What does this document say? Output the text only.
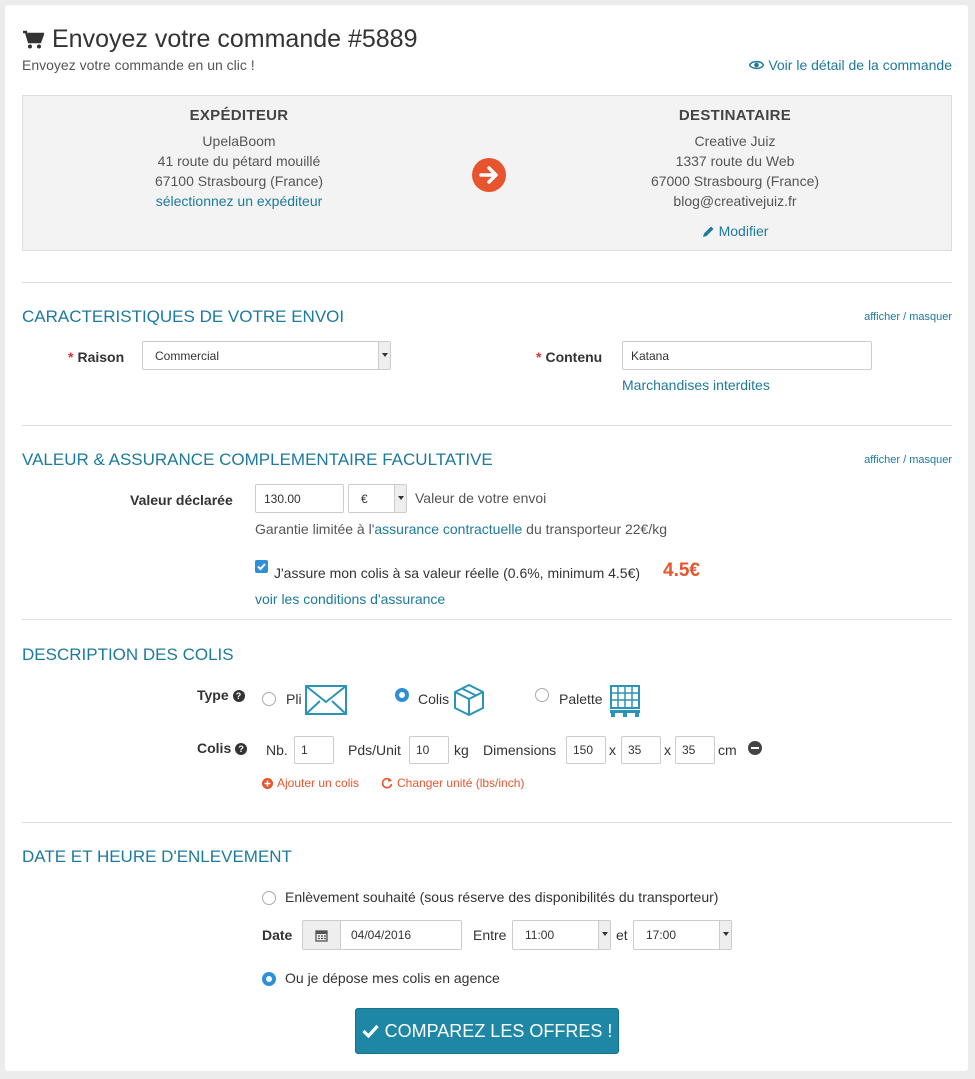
Envoyez votre commande #5889
Envoyez votre commande en un clic !	Voir le détail de la commande
EXPÉDITEUR
UpelaBoom
41 route du pétard mouillé
67100 Strasbourg (France)
sélectionnez un expéditeur
DESTINATAIRE
Creative Juiz
1337 route du Web
67000 Strasbourg (France)
blog@creativejuiz.fr
Modifier
CARACTERISTIQUES DE VOTRE ENVOI	afficher / masquer
* Raison	Commercial	* Contenu	Katana
Marchandises interdites
VALEUR & ASSURANCE COMPLEMENTAIRE FACULTATIVE	afficher / masquer
Valeur déclarée	130.00	€	Valeur de votre envoi
Garantie limitée à l'assurance contractuelle du transporteur 22€/kg
J'assure mon colis à sa valeur réelle (0.6%, minimum 4.5€) 4.5€
voir les conditions d'assurance
DESCRIPTION DES COLIS
Type ?	Pli	Colis	Palette
Colis ? Nb.	1	Pds/Unit	10	kg Dimensions	150	x	35	x 35	cm
Ajouter un colis	Changer unité (lbs/inch)
DATE ET HEURE D'ENLEVEMENT
Enlèvement souhaité (sous réserve des disponibilités du transporteur)
Date	04/04/2016	Entre 11:00	et 17:00
Ou je dépose mes colis en agence
COMPAREZ LES OFFRES !
